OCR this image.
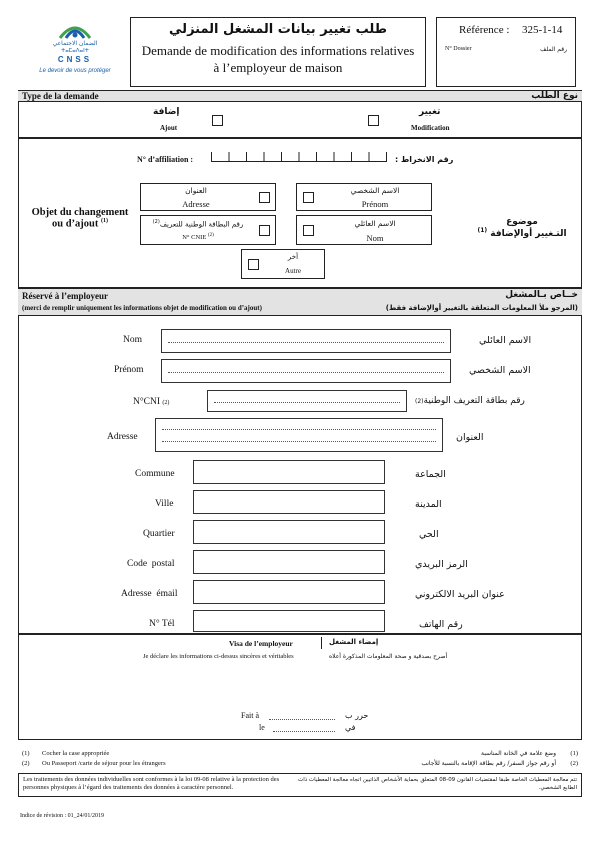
الضمان الاجتماعي
ⵜⴰⵎⴰⴷⴰⵏⵜ
CNSS
Le devoir de vous protéger
طلب تغيير بيانات المشغل المنزلي
Demande de modification des informations relatives
à l’employeur de maison
Référence : 325-1-14
N° Dossier	رقم الملف
Type de la demande	نوع الطلب
إضافة
Ajout
تغيير
Modification
N° d’affiliation :	: رقم الانخراط
Objet du changement
ou d’ajout $^{(1)}$	موضوع
$^{(1)}$ التـغيير أوالإضافة
العنوان
Adresse
الاسم الشخصي
Prénom
$^{(2)}$رقم البطاقة الوطنية للتعريف
N° CNIE $^{(2)}$
الاسم العائلي
Nom
أخر
Autre
Réservé à l’employeur
(merci de remplir uniquement les informations objet de modification ou d’ajout)
خــاص بـالمشغل
(المرجو ملأ المعلومات المتعلقة بالتغيير أوالإضافة فقط)
Nom	الاسم العائلي
Prénom	الاسم الشخصي
N°CNI (2)	(2)رقم بطاقة التعريف الوطنية
Adresse	العنوان
Commune	الجماعة
Ville	المدينة
Quartier	الحي
Code  postal	الرمز البريدي
Adresse  émail	عنوان البريد الالكتروني
N° Tél	رقم الهاتف
Visa de l’employeur	إمضاء المشغل
Je déclare les informations ci-dessus sincères et véritables	أصرح بصدقية و صحة المعلومات المذكورة أعلاه
Fait à
le
حرر ب
في
(1) Cocher la case appropriée	وضع علامة في الخانة المناسبة (1)
(2) Ou Passeport /carte de séjour pour les étrangers	أو رقم جواز السفر/ رقم بطاقة الإقامة بالنسبة للأجانب (2)
Les traitements des données individuelles sont conformes à la loi 09-08 relative à la protection des personnes physiques à l’égard des traitements des données à caractère personnel.
تتم معالجة المعطيات الخاصة طبقا لمقتضيات القانون 09-08 المتعلق بحماية الأشخاص الذاتيين اتجاه معالجة المعطيات ذات الطابع الشخصي.
Indice de révision : 01_24/01/2019
